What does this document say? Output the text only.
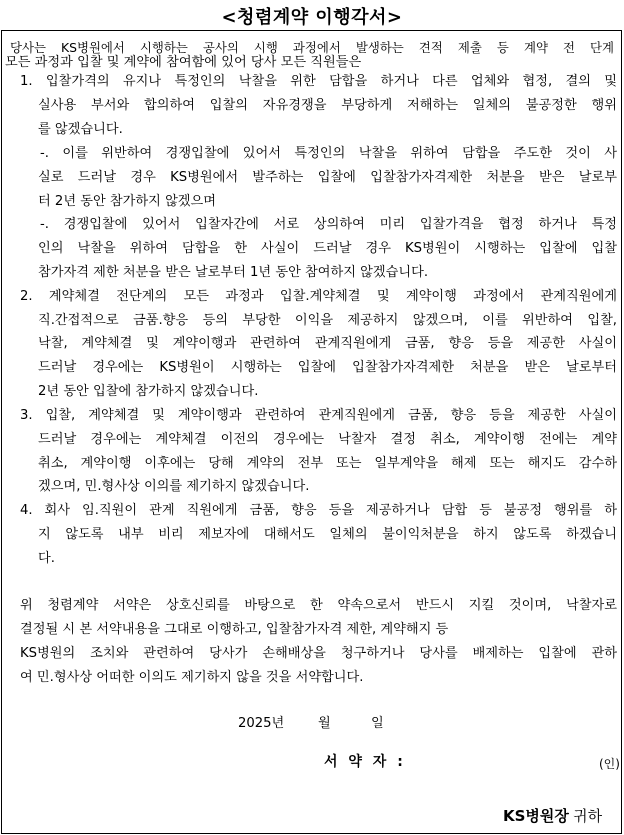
<청렴계약 이행각서>
당사는 KS병원에서 시행하는 공사의 시행 과정에서 발생하는 견적 제출 등 계약 전 단계
모든 과정과 입찰 및 계약에 참여함에 있어 당사 모든 직원들은
1. 입찰가격의 유지나 특정인의 낙찰을 위한 담합을 하거나 다른 업체와 협정, 결의 및
실사용 부서와 합의하여 입찰의 자유경쟁을 부당하게 저해하는 일체의 불공정한 행위
를 않겠습니다.
-. 이를 위반하여 경쟁입찰에 있어서 특정인의 낙찰을 위하여 담합을 주도한 것이 사
실로 드러날 경우 KS병원에서 발주하는 입찰에 입찰참가자격제한 처분을 받은 날로부
터 2년 동안 참가하지 않겠으며
-. 경쟁입찰에 있어서 입찰자간에 서로 상의하여 미리 입찰가격을 협정 하거나 특정
인의 낙찰을 위하여 담합을 한 사실이 드러날 경우 KS병원이 시행하는 입찰에 입찰
참가자격 제한 처분을 받은 날로부터 1년 동안 참여하지 않겠습니다.
2. 계약체결 전단계의 모든 과정과 입찰.계약체결 및 계약이행 과정에서 관계직원에게
직.간접적으로 금품.향응 등의 부당한 이익을 제공하지 않겠으며, 이를 위반하여 입찰,
낙찰, 계약체결 및 계약이행과 관련하여 관계직원에게 금품, 향응 등을 제공한 사실이
드러날 경우에는 KS병원이 시행하는 입찰에 입찰참가자격제한 처분을 받은 날로부터
2년 동안 입찰에 참가하지 않겠습니다.
3. 입찰, 계약체결 및 계약이행과 관련하여 관계직원에게 금품, 향응 등을 제공한 사실이
드러날 경우에는 계약체결 이전의 경우에는 낙찰자 결정 취소, 계약이행 전에는 계약
취소, 계약이행 이후에는 당해 계약의 전부 또는 일부계약을 해제 또는 해지도 감수하
겠으며, 민.형사상 이의를 제기하지 않겠습니다.
4. 회사 임.직원이 관계 직원에게 금품, 향응 등을 제공하거나 담합 등 불공정 행위를 하
지 않도록 내부 비리 제보자에 대해서도 일체의 불이익처분을 하지 않도록 하겠습니
다.
위 청렴계약 서약은 상호신뢰를 바탕으로 한 약속으로서 반드시 지킬 것이며, 낙찰자로
결정될 시 본 서약내용을 그대로 이행하고, 입찰참가자격 제한, 계약해지 등
KS병원의 조치와 관련하여 당사가 손해배상을 청구하거나 당사를 배제하는 입찰에 관하
여 민.형사상 어떠한 이의도 제기하지 않을 것을 서약합니다.
2025년	월	일
서 약 자 :	(인)
KS병원장 귀하
